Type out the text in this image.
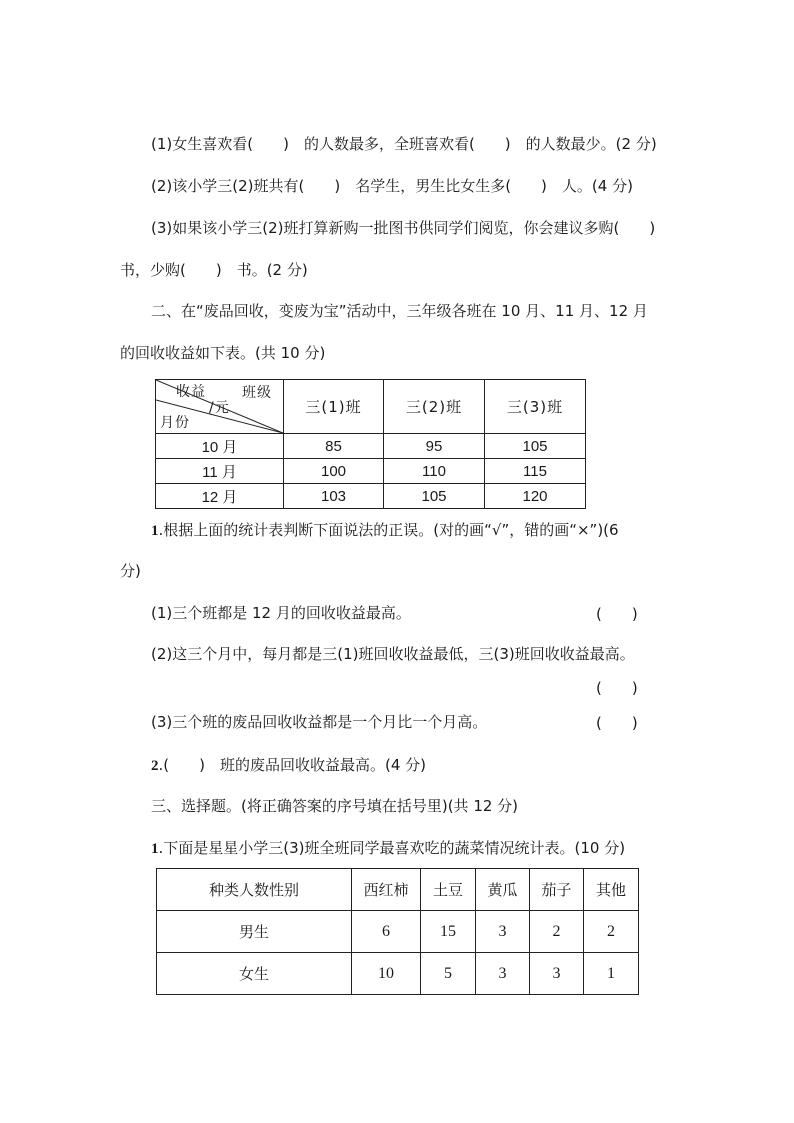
(1)女生喜欢看(　　)　的人数最多，全班喜欢看(　　)　的人数最少。(2 分)
(2)该小学三(2)班共有(　　)　名学生，男生比女生多(　　)　人。(4 分)
(3)如果该小学三(2)班打算新购一批图书供同学们阅览，你会建议多购(　　)
书，少购(　　)　书。(2 分)
二、在“废品回收，变废为宝”活动中，三年级各班在 10 月、11 月、12 月
的回收收益如下表。(共 10 分)
班级
收益
/元
月份	三(1)班	三(2)班	三(3)班
10 月	85	95	105
11 月	100	110	115
12 月	103	105	120
1.根据上面的统计表判断下面说法的正误。(对的画“√”，错的画“×”)(6
分)
(1)三个班都是 12 月的回收收益最高。	(　　)
(2)这三个月中，每月都是三(1)班回收收益最低，三(3)班回收收益最高。
(　　)
(3)三个班的废品回收收益都是一个月比一个月高。	(　　)
2.(　　)　班的废品回收收益最高。(4 分)
三、选择题。(将正确答案的序号填在括号里)(共 12 分)
1.下面是星星小学三(3)班全班同学最喜欢吃的蔬菜情况统计表。(10 分)
种类人数性别	西红柿	土豆	黄瓜	茄子	其他
男生	6	15	3	2	2
女生	10	5	3	3	1
